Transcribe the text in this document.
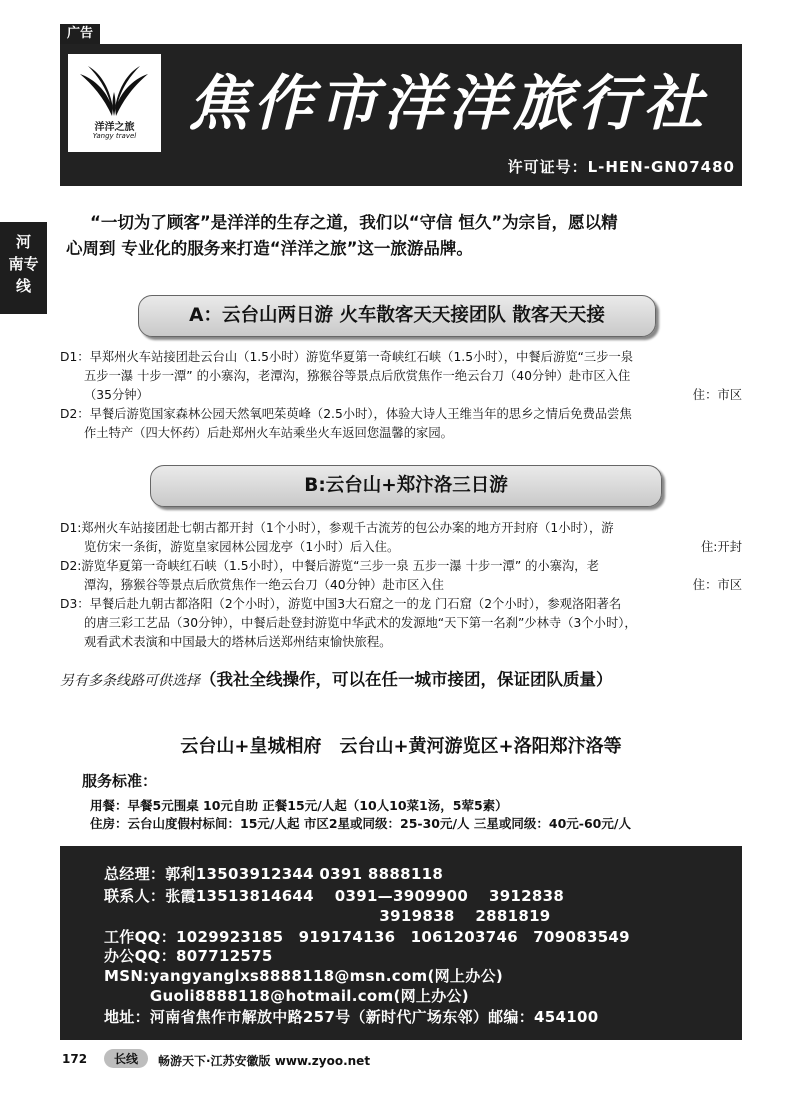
广告
洋洋之旅
Yangy travel 焦作市洋洋旅行社
许可证号：L-HEN-GN07480
河
南专
线
“一切为了顾客”是洋洋的生存之道，我们以“守信 恒久”为宗旨，愿以精
心周到 专业化的服务来打造“洋洋之旅”这一旅游品牌。
A：云台山两日游 火车散客天天接团队 散客天天接
D1：早郑州火车站接团赴云台山（1.5小时）游览华夏第一奇峡红石峡（1.5小时），中餐后游览“三步一泉
五步一瀑 十步一潭” 的小寨沟，老潭沟，猕猴谷等景点后欣赏焦作一绝云台刀（40分钟）赴市区入住
（35分钟）	住：市区
D2：早餐后游览国家森林公园天然氧吧茱萸峰（2.5小时），体验大诗人王维当年的思乡之情后免费品尝焦
作土特产（四大怀药）后赴郑州火车站乘坐火车返回您温馨的家园。
B:云台山+郑汴洛三日游
D1:郑州火车站接团赴七朝古都开封（1个小时），参观千古流芳的包公办案的地方开封府（1小时），游
览仿宋一条街，游览皇家园林公园龙亭（1小时）后入住。	住:开封
D2:游览华夏第一奇峡红石峡（1.5小时），中餐后游览“三步一泉 五步一瀑 十步一潭” 的小寨沟，老
潭沟，猕猴谷等景点后欣赏焦作一绝云台刀（40分钟）赴市区入住	住：市区
D3：早餐后赴九朝古都洛阳（2个小时），游览中国3大石窟之一的龙 门石窟（2个小时），参观洛阳著名
的唐三彩工艺品（30分钟），中餐后赴登封游览中华武术的发源地“天下第一名刹”少林寺（3个小时），
观看武术表演和中国最大的塔林后送郑州结束愉快旅程。
另有多条线路可供选择（我社全线操作，可以在任一城市接团，保证团队质量）
云台山+皇城相府　云台山+黄河游览区+洛阳郑汴洛等
服务标准：
用餐：早餐5元围桌 10元自助 正餐15元/人起（10人10菜1汤，5荤5素）
住房：云台山度假村标间：15元/人起 市区2星或同级：25-30元/人 三星或同级：40元-60元/人
总经理：郭利13503912344 0391 8888118
联系人：张霞13513814644　 0391—3909900　 3912838
　　　　　　　　　　　　　　　　　　3919838　 2881819
工作QQ：1029923185　919174136　1061203746　709083549
办公QQ：807712575
MSN:yangyanglxs8888118@msn.com(网上办公)
　　　Guoli8888118@hotmail.com(网上办公)
地址：河南省焦作市解放中路257号（新时代广场东邻）邮编：454100
172	长线	畅游天下·江苏安徽版 www.zyoo.net
